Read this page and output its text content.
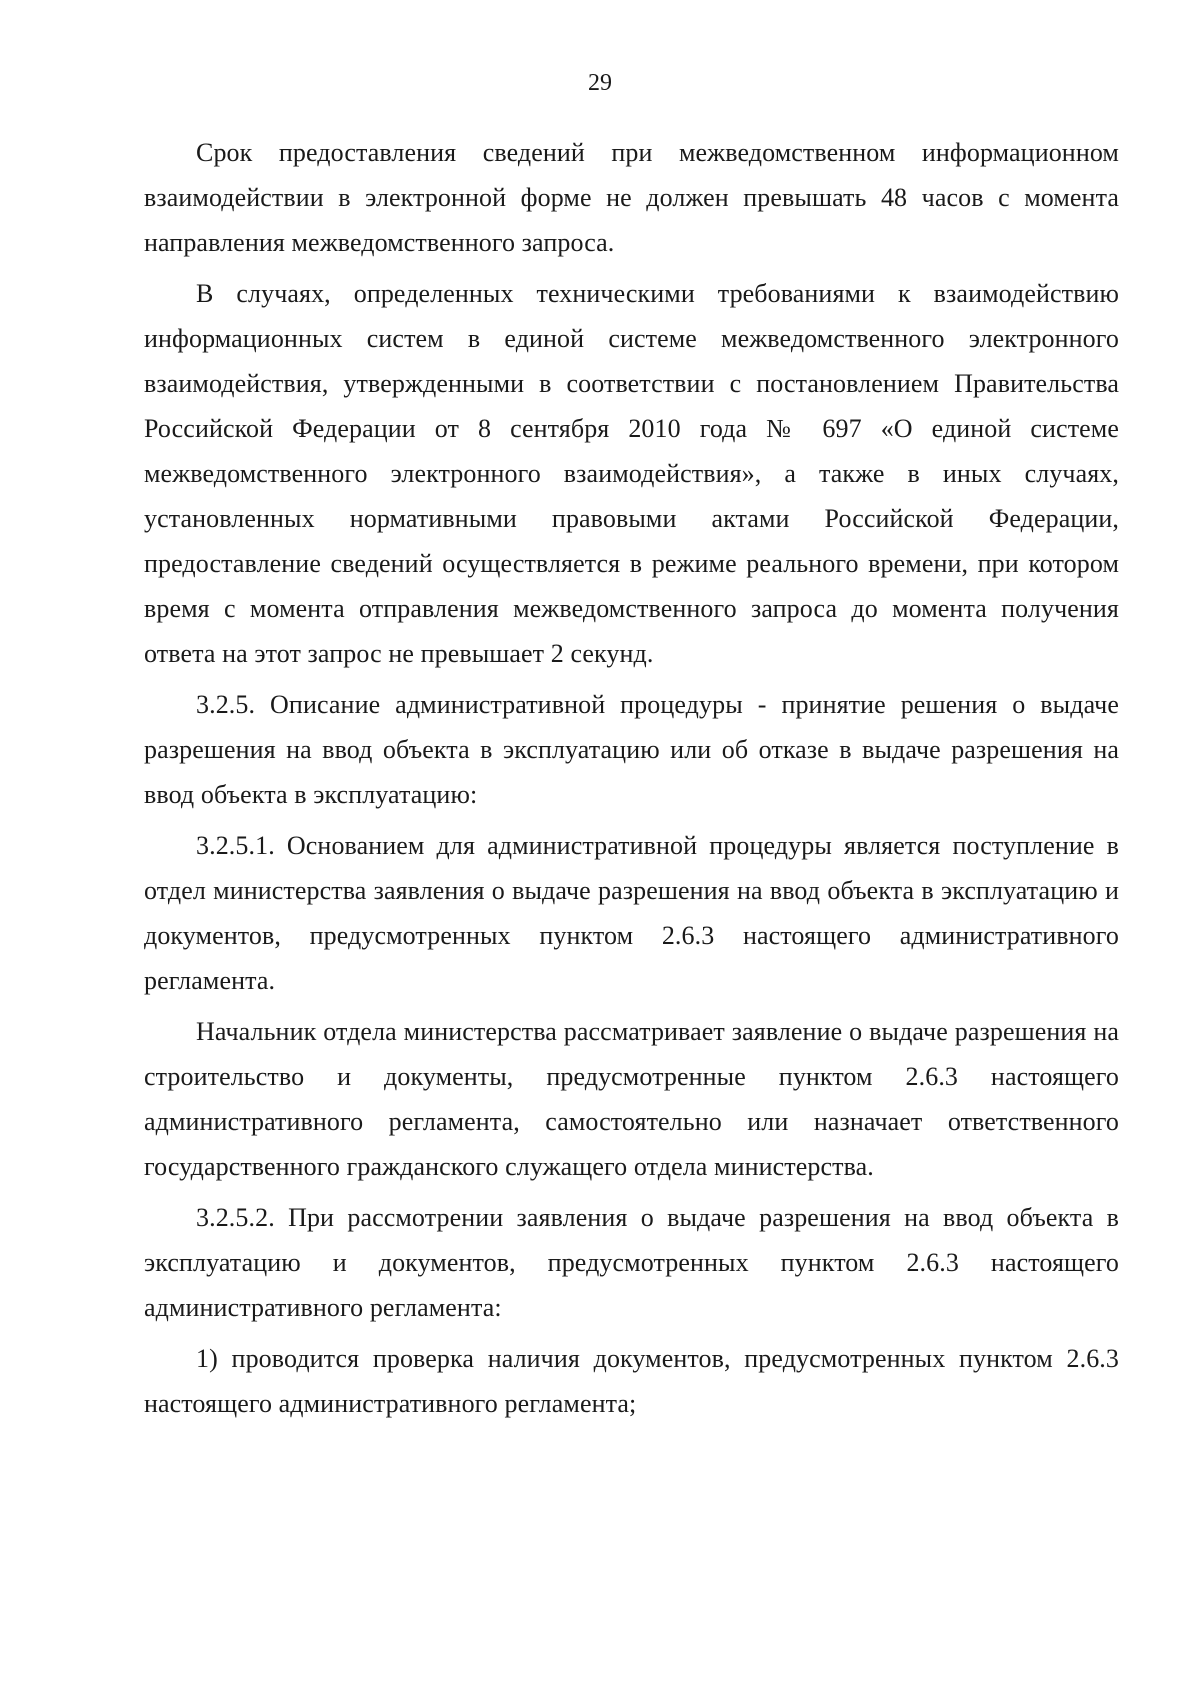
29

Срок предоставления сведений при межведомственном информационном взаимодействии в электронной форме не должен превышать 48 часов с момента направления межведомственного запроса.

В случаях, определенных техническими требованиями к взаимодействию информационных систем в единой системе межведомственного электронного взаимодействия, утвержденными в соответствии с постановлением Правительства Российской Федерации от 8 сентября 2010 года № 697 «О единой системе межведомственного электронного взаимодействия», а также в иных случаях, установленных нормативными правовыми актами Российской Федерации, предоставление сведений осуществляется в режиме реального времени, при котором время с момента отправления межведомственного запроса до момента получения ответа на этот запрос не превышает 2 секунд.

3.2.5. Описание административной процедуры - принятие решения о выдаче разрешения на ввод объекта в эксплуатацию или об отказе в выдаче разрешения на ввод объекта в эксплуатацию:

3.2.5.1. Основанием для административной процедуры является поступление в отдел министерства заявления о выдаче разрешения на ввод объекта в эксплуатацию и документов, предусмотренных пунктом 2.6.3 настоящего административного регламента.

Начальник отдела министерства рассматривает заявление о выдаче разрешения на строительство и документы, предусмотренные пунктом 2.6.3 настоящего административного регламента, самостоятельно или назначает ответственного государственного гражданского служащего отдела министерства.

3.2.5.2. При рассмотрении заявления о выдаче разрешения на ввод объекта в эксплуатацию и документов, предусмотренных пунктом 2.6.3 настоящего административного регламента:

1) проводится проверка наличия документов, предусмотренных пунктом 2.6.3 настоящего административного регламента;
